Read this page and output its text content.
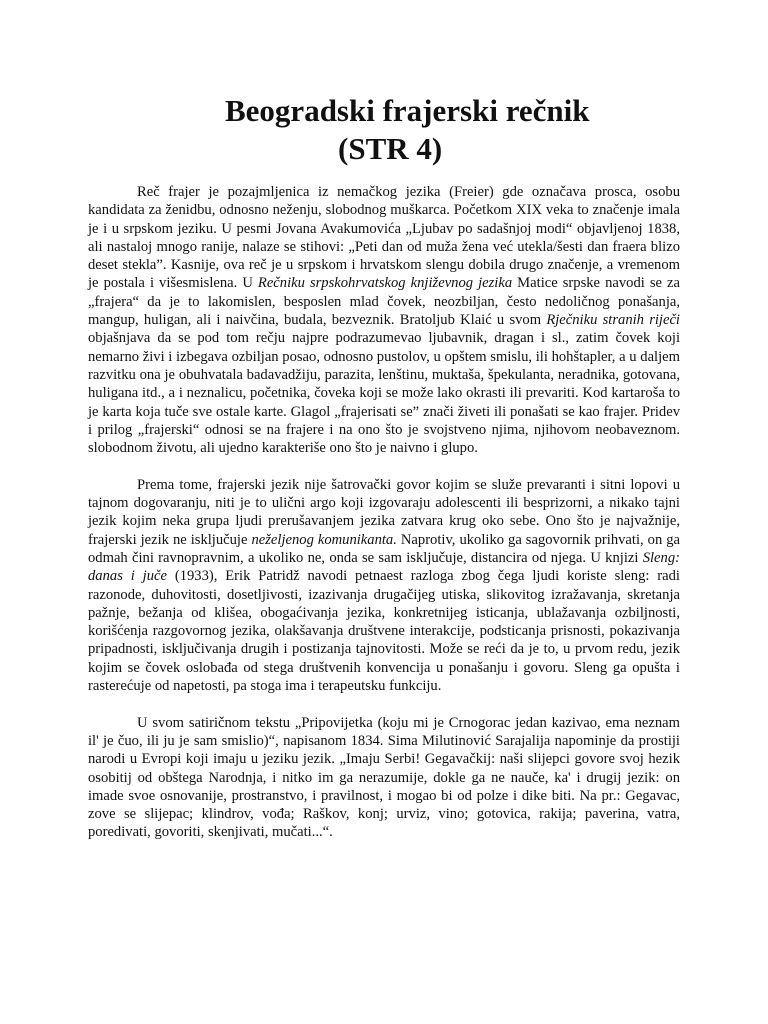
Beogradski frajerski rečnik
(STR 4)

Reč frajer je pozajmljenica iz nemačkog jezika (Freier) gde označava prosca, osobu kandidata za ženidbu, odnosno neženju, slobodnog muškarca. Početkom XIX veka to značenje imala je i u srpskom jeziku. U pesmi Jovana Avakumovića „Ljubav po sadašnjoj modi“ objavljenoj 1838, ali nastaloj mnogo ranije, nalaze se stihovi: „Peti dan od muža žena već utekla/šesti dan fraera blizo deset stekla”. Kasnije, ova reč je u srpskom i hrvatskom slengu dobila drugo značenje, a vremenom je postala i višesmislena. U Rečniku srpskohrvatskog književnog jezika Matice srpske navodi se za „frajera“ da je to lakomislen, besposlen mlad čovek, neozbiljan, često nedoličnog ponašanja, mangup, huligan, ali i naivčina, budala, bezveznik. Bratoljub Klaić u svom Rječniku stranih riječi objašnjava da se pod tom rečju najpre podrazumevao ljubavnik, dragan i sl., zatim čovek koji nemarno živi i izbegava ozbiljan posao, odnosno pustolov, u opštem smislu, ili hohštapler, a u daljem razvitku ona je obuhvatala badavadžiju, parazita, lenštinu, muktaša, špekulanta, neradnika, gotovana, huligana itd., a i neznalicu, početnika, čoveka koji se može lako okrasti ili prevariti. Kod kartaroša to je karta koja tuče sve ostale karte. Glagol „frajerisati se” znači živeti ili ponašati se kao frajer. Pridev i prilog „frajerski“ odnosi se na frajere i na ono što je svojstveno njima, njihovom neobaveznom. slobodnom životu, ali ujedno karakteriše ono što je naivno i glupo.

Prema tome, frajerski jezik nije šatrovački govor kojim se služe prevaranti i sitni lopovi u tajnom dogovaranju, niti je to ulični argo koji izgovaraju adolescenti ili besprizorni, a nikako tajni jezik kojim neka grupa ljudi prerušavanjem jezika zatvara krug oko sebe. Ono što je najvažnije, frajerski jezik ne isključuje neželjenog komunikanta. Naprotiv, ukoliko ga sagovornik prihvati, on ga odmah čini ravnopravnim, a ukoliko ne, onda se sam isključuje, distancira od njega. U knjizi Sleng: danas i juče (1933), Erik Patridž navodi petnaest razloga zbog čega ljudi koriste sleng: radi razonode, duhovitosti, dosetljivosti, izazivanja drugačijeg utiska, slikovitog izražavanja, skretanja pažnje, bežanja od klišea, obogaćivanja jezika, konkretnijeg isticanja, ublažavanja ozbiljnosti, korišćenja razgovornog jezika, olakšavanja društvene interakcije, podsticanja prisnosti, pokazivanja pripadnosti, isključivanja drugih i postizanja tajnovitosti. Može se reći da je to, u prvom redu, jezik kojim se čovek oslobađa od stega društvenih konvencija u ponašanju i govoru. Sleng ga opušta i rasterećuje od napetosti, pa stoga ima i terapeutsku funkciju.

U svom satiričnom tekstu „Pripovijetka (koju mi je Crnogorac jedan kazivao, ema neznam il' je čuo, ili ju je sam smislio)“, napisanom 1834. Sima Milutinović Sarajalija napominje da prostiji narodi u Evropi koji imaju u jeziku jezik. „Imaju Serbi! Gegavačkij: naši slijepci govore svoj hezik osobitij od obštega Narodnja, i nitko im ga nerazumije, dokle ga ne nauče, ka' i drugij jezik: on imade svoe osnovanije, prostranstvo, i pravilnost, i mogao bi od polze i dike biti. Na pr.: Gegavac, zove se slijepac; klindrov, vođa; Raškov, konj; urviz, vino; gotovica, rakija; paverina, vatra, poredivati, govoriti, skenjivati, mučati...“.
